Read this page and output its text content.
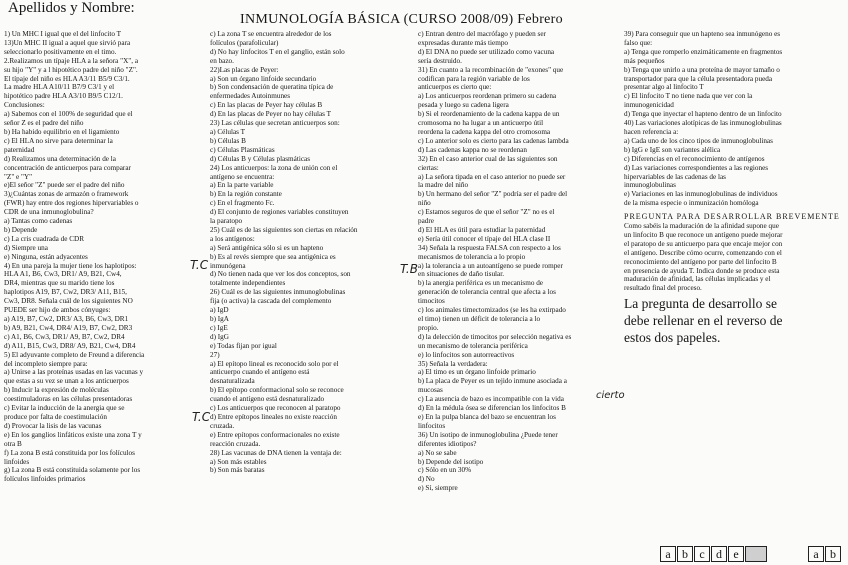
Apellidos y Nombre:
INMUNOLOGÍA BÁSICA (CURSO 2008/09) Febrero
1) Un MHC I igual que el del linfocito T
13)Un MHC II igual a aquel que sirvió para
seleccionarlo positivamente en el timo.
2.Realizamos un típaje HLA a la señora "X", a
su hijo "Y" y a l hipotético padre del niño "Z".
El típaje del niño es HLA A3/11 B5/9 C3/1.
La madre HLA A10/11 B7/9 C3/1 y el
hipotético padre HLA A3/10 B9/5 C12/1.
Conclusiones:
a) Sabemos con el 100% de seguridad que el
señor Z es el padre del niño
b) Ha habido equilibrio en el ligamiento
c) El HLA no sirve para determinar la
paternidad
d) Realizamos una determinación de la
concentración de anticuerpos para comparar
"Z" e "Y"
e)El señor "Z" puede ser el padre del niño
3)¿Cuántas zonas de armazón o framework
(FWR) hay entre dos regiones hipervariables o
CDR de una inmunoglobulina?
a) Tantas como cadenas
b) Depende
c) La cris cuadrada de CDR
d) Siempre una
e) Ninguna, están adyacentes
4) En una pareja la mujer tiene los haplotipos:
HLA A1, B6, Cw3, DR1/ A9, B21, Cw4,
DR4, mientras que su marido tiene los
haplotipos A19, B7, Cw2, DR3/ A11, B15,
Cw3, DR8. Señala cuál de los siguientes NO
PUEDE ser hijo de ambos cónyuges:
a) A19, B7, Cw2, DR3/ A3, B6, Cw3, DR1
b) A9, B21, Cw4, DR4/ A19, B7, Cw2, DR3
c) A1, B6, Cw3, DR1/ A9, B7, Cw2, DR4
d) A11, B15, Cw3, DR8/ A9, B21, Cw4, DR4
5) El adyuvante completo de Freund a diferencia
del incompleto siempre para:
a) Unirse a las proteínas usadas en las vacunas y
que estas a su vez se unan a los anticuerpos
b) Inducir la expresión de moléculas
coestimuladoras en las células presentadoras
c) Evitar la inducción de la anergia que se
produce por falta de coestimulación
d) Provocar la lisis de las vacunas
e) En los ganglios linfáticos existe una zona T y
otra B
f) La zona B está constituida por los folículos
linfoides
g) La zona B está constituida solamente por los
folículos linfoides primarios
c) La zona T se encuentra alrededor de los
folículos (parafolicular)
d) No hay linfocitos T en el ganglio, están solo
en bazo.
22)Las placas de Peyer:
a) Son un órgano linfoide secundario
b) Son condensación de queratina típica de
enfermedades Autoinmunes
c) En las placas de Peyer hay células B
d) En las placas de Peyer no hay células T
23) Las células que secretan anticuerpos son:
a) Células T
b) Células B
c) Células Plasmáticas
d) Células B y Células plasmáticas
24) Los anticuerpos: la zona de unión con el
antígeno se encuentra:
a) En la parte variable
b) En la región constante
c) En el fragmento Fc.
d) El conjunto de regiones variables constituyen
la paratopo
25) Cuál es de las siguientes son ciertas en relación
a los antígenos:
a) Será antigénica sólo si es un hapteno
b) Es al revés siempre que sea antigénica es
inmunógena
d) No tienen nada que ver los dos conceptos, son
totalmente independientes
26) Cuál es de las siguientes inmunoglobulinas
fija (o activa) la cascada del complemento
a) IgD
b) IgA
c) IgE
d) IgG
e) Todas fijan por igual
27)
a) El epítopo lineal es reconocido solo por el
anticuerpo cuando el antígeno está
desnaturalizada
b) El epítopo conformacional solo se reconoce
cuando el antígeno está desnaturalizado
c) Los anticuerpos que reconocen al paratopo
d) Entre epítopos lineales no existe reacción
cruzada.
e) Entre epítopos conformacionales no existe
reacción cruzada.
28) Las vacunas de DNA tienen la ventaja de:
a) Son más estables
b) Son más baratas
c) Entran dentro del macrófago y pueden ser
expresadas durante más tiempo
d) El DNA no puede ser utilizado como vacuna
sería destruido.
31) En cuanto a la recombinación de "exones" que
codifican para la región variable de los
anticuerpos es cierto que:
a) Los anticuerpos reordenan primero su cadena
pesada y luego su cadena ligera
b) Si el reordenamiento de la cadena kappa de un
cromosoma no ha lugar a un anticuerpo útil
reordena la cadena kappa del otro cromosoma
c) Lo anterior solo es cierto para las cadenas lambda
d) Las cadenas kappa no se reordenan
32) En el caso anterior cual de las siguientes son
ciertas:
a) La señora tipada en el caso anterior no puede ser
la madre del niño
b) Un hermano del señor "Z" podría ser el padre del
niño
c) Estamos seguros de que el señor "Z" no es el
padre
d) El HLA es útil para estudiar la paternidad
e) Sería útil conocer el típaje del HLA clase II
34) Señala la respuesta FALSA con respecto a los
mecanismos de tolerancia a lo propio
a) la tolerancia a un autoantígeno se puede romper
en situaciones de daño tisular.
b) la anergia periférica es un mecanismo de
generación de tolerancia central que afecta a los
timocitos
c) los animales timectomizados (se les ha extirpado
el timo) tienen un déficit de tolerancia a lo
propio.
d) la delección de timocitos por selección negativa es
un mecanismo de tolerancia periférica
e) lo linfocitos son autorreactivos
35) Señala la verdadera:
a) El timo es un órgano linfoide primario
b) La placa de Peyer es un tejido inmune asociada a
mucosas
c) La ausencia de bazo es incompatible con la vida
d) En la médula ósea se diferencian los linfocitos B
e) En la pulpa blanca del bazo se encuentran los
linfocitos
36) Un isotipo de inmunoglobulina ¿Puede tener
diferentes idiotipos?
a) No se sabe
b) Depende del isotipo
c) Sólo en un 30%
d) No
e) Sí, siempre
39) Para conseguir que un hapteno sea inmunógeno es
falso que:
a) Tenga que romperlo enzimáticamente en fragmentos
más pequeños
b) Tenga que unirlo a una proteína de mayor tamaño o
transportador para que la célula presentadora pueda
presentar algo al linfocito T
c) El linfocito T no tiene nada que ver con la
inmunogenicidad
d) Tenga que inyectar el hapteno dentro de un linfocito
40) Las variaciones alotípicas de las inmunoglobulinas
hacen referencia a:
a) Cada uno de los cinco tipos de inmunoglobulinas
b) IgG e IgE son variantes alélica
c) Diferencias en el reconocimiento de antígenos
d) Las variaciones correspondientes a las regiones
hipervariables de las cadenas de las
inmunoglobulinas
e) Variaciones en las inmunoglobulinas de individuos
de la misma especie o inmunización homóloga
PREGUNTA PARA DESARROLLAR BREVEMENTE
Como sabéis la maduración de la afinidad supone que
un linfocito B que reconoce un antígeno puede mejorar
el paratopo de su anticuerpo para que encaje mejor con
el antígeno. Describe cómo ocurre, comenzando con el
reconocimiento del antígeno por parte del linfocito B
en presencia de ayuda T. Indica donde se produce esta
maduración de afinidad, las células implicadas y el
resultado final del proceso.
La pregunta de desarrollo se
debe rellenar en el reverso de
estos dos papeles.
T.C	T.B
T.C
cierto
a b c d e	a b
